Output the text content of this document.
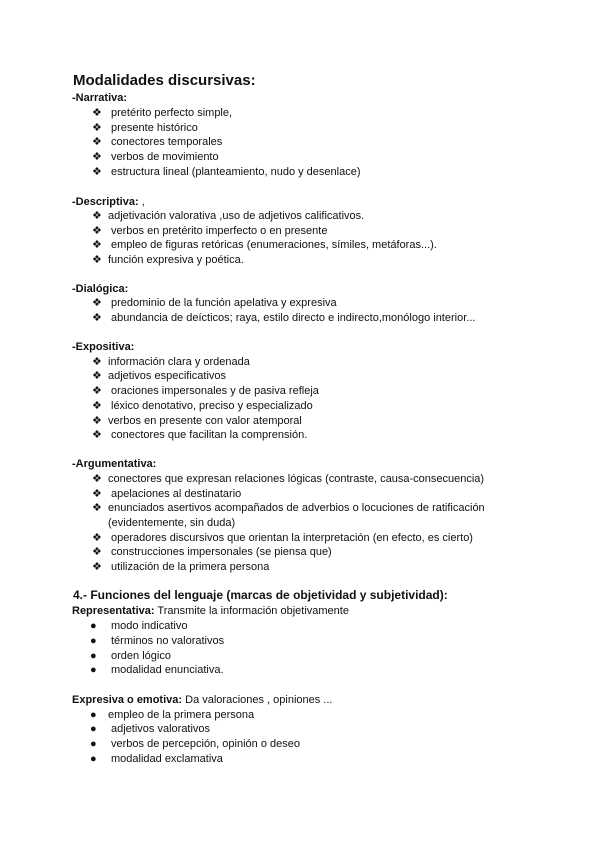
Modalidades discursivas:
-Narrativa:
❖ pretérito perfecto simple,
❖ presente histórico
❖ conectores temporales
❖ verbos de movimiento
❖ estructura lineal (planteamiento, nudo y desenlace)
-Descriptiva: ,
❖ adjetivación valorativa ,uso de adjetivos calificativos.
❖ verbos en pretérito imperfecto o en presente
❖ empleo de figuras retóricas (enumeraciones, símiles, metáforas...).
❖ función expresiva y poética.
-Dialógica:
❖ predominio de la función apelativa y expresiva
❖ abundancia de deícticos; raya, estilo directo e indirecto,monólogo interior...
-Expositiva:
❖ información clara y ordenada
❖ adjetivos especificativos
❖ oraciones impersonales y de pasiva refleja
❖ léxico denotativo, preciso y especializado
❖ verbos en presente con valor atemporal
❖ conectores que facilitan la comprensión.
-Argumentativa:
❖ conectores que expresan relaciones lógicas (contraste, causa-consecuencia)
❖ apelaciones al destinatario
❖ enunciados asertivos acompañados de adverbios o locuciones de ratificación
(evidentemente, sin duda)
❖ operadores discursivos que orientan la interpretación (en efecto, es cierto)
❖ construcciones impersonales (se piensa que)
❖ utilización de la primera persona
4.- Funciones del lenguaje (marcas de objetividad y subjetividad):
Representativa: Transmite la información objetivamente
● modo indicativo
● términos no valorativos
● orden lógico
● modalidad enunciativa.
Expresiva o emotiva: Da valoraciones , opiniones ...
● empleo de la primera persona
● adjetivos valorativos
● verbos de percepción, opinión o deseo
● modalidad exclamativa
